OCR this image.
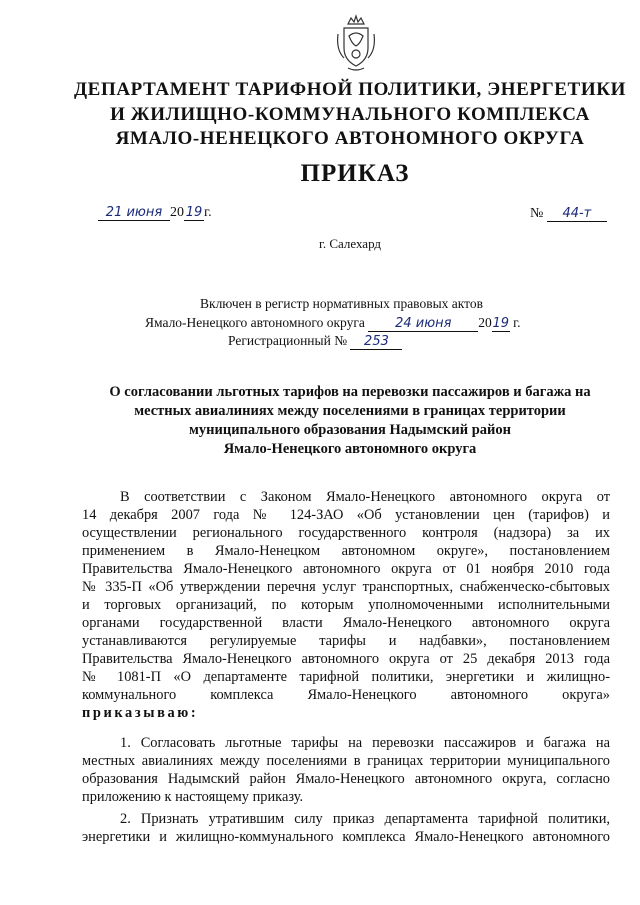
ДЕПАРТАМЕНТ ТАРИФНОЙ ПОЛИТИКИ, ЭНЕРГЕТИКИ
И ЖИЛИЩНО-КОММУНАЛЬНОГО КОМПЛЕКСА
ЯМАЛО-НЕНЕЦКОГО АВТОНОМНОГО ОКРУГА
ПРИКАЗ
21 июня 20 19 г.	№ 44-т
г. Салехард
Включен в регистр нормативных правовых актов
Ямало-Ненецкого автономного округа 24 июня 2019 г.
Регистрационный № 253
О согласовании льготных тарифов на перевозки пассажиров и багажа на
местных авиалиниях между поселениями в границах территории
муниципального образования Надымский район
Ямало-Ненецкого автономного округа
В соответствии с Законом Ямало-Ненецкого автономного округа от
14 декабря 2007 года № 124-ЗАО «Об установлении цен (тарифов) и
осуществлении регионального государственного контроля (надзора) за их
применением в Ямало-Ненецком автономном округе», постановлением
Правительства Ямало-Ненецкого автономного округа от 01 ноября 2010 года
№ 335-П «Об утверждении перечня услуг транспортных, снабженческо-сбытовых
и торговых организаций, по которым уполномоченными исполнительными
органами государственной власти Ямало-Ненецкого автономного округа
устанавливаются регулируемые тарифы и надбавки», постановлением
Правительства Ямало-Ненецкого автономного округа от 25 декабря 2013 года
№ 1081-П «О департаменте тарифной политики, энергетики и жилищно-
коммунального комплекса Ямало-Ненецкого автономного округа»
приказываю:
1. Согласовать льготные тарифы на перевозки пассажиров и багажа на
местных авиалиниях между поселениями в границах территории муниципального
образования Надымский район Ямало-Ненецкого автономного округа, согласно
приложению к настоящему приказу.
2. Признать утратившим силу приказ департамента тарифной политики,
энергетики и жилищно-коммунального комплекса Ямало-Ненецкого автономного
